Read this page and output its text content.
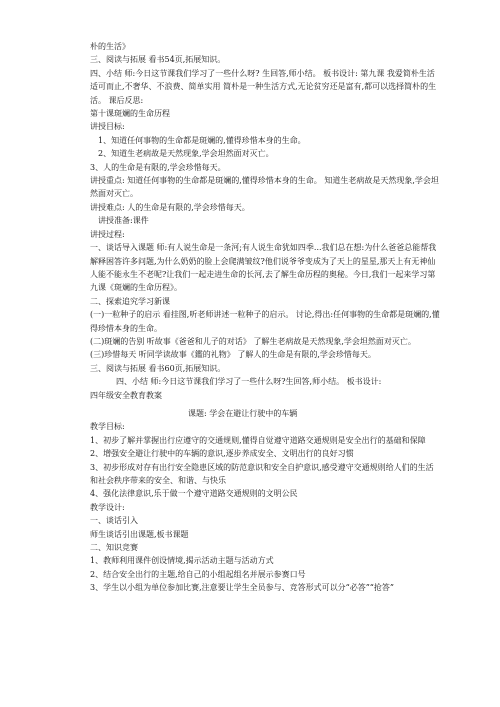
朴的生活》

三、阅读与拓展 看书54页,拓展知识。

四、小结 师:今日这节课我们学习了一些什么呀? 生回答,师小结。 板书设计: 第九课 我爱简朴生活 适可而止,不奢华、不浪费、简单实用 简朴是一种生活方式,无论贫穷还是富有,都可以选择简朴的生活。 课后反思:

第十课斑斓的生命历程

讲授目标:

1、知道任何事物的生命都是斑斓的,懂得珍惜本身的生命。

2、知道生老病故是天然现象,学会坦然面对灭亡。

3、人的生命是有限的,学会珍惜每天。

讲授重点: 知道任何事物的生命都是斑斓的,懂得珍惜本身的生命。 知道生老病故是天然现象,学会坦然面对灭亡。

讲授难点: 人的生命是有限的,学会珍惜每天。

讲授准备:课件

讲授过程:

一、谈话导入课题 师:有人说生命是一条河;有人说生命犹如四季...我们总在想:为什么爸爸总能帮我解释困答许多问题,为什么奶奶的脸上会爬满皱纹?他们说爷爷变成为了天上的星星,那天上有无神仙人能不能永生不老呢?让我们一起走进生命的长河,去了解生命历程的奥秘。今日,我们一起来学习第九课《斑斓的生命历程》。

二、探索追究学习新课

(一)一粒种子的启示 看挂图,听老师讲述一粒种子的启示。 讨论,得出:任何事物的生命都是斑斓的,懂得珍惜本身的生命。

(二)斑斓的告别 听故事《爸爸和儿子的对话》 了解生老病故是天然现象,学会坦然面对灭亡。

(三)珍惜每天 听同学读故事《鑑的礼物》 了解人的生命是有限的,学会珍惜每天。

三、阅读与拓展 看书60页,拓展知识。

四、小结 师:今日这节课我们学习了一些什么呀?生回答,师小结。 板书设计:

四年级安全教育教案

课题: 学会在避让行驶中的车辆

教学目标:

1、初步了解并掌握出行应遵守的交通规则,懂得自觉遵守道路交通规则是安全出行的基础和保障

2、增强安全避让行驶中的车辆的意识,逐步养成安全、文明出行的良好习惯

3、初步形成对存有出行安全隐患区域的防范意识和安全自护意识,感受遵守交通规则给人们的生活和社会秩序带来的安全、和谐、与快乐

4、强化法律意识,乐于做一个遵守道路交通规则的文明公民

教学设计:

一、谈话引入

师生谈话引出课题,板书课题

二、知识竞赛

1、教师利用课件创设情境,揭示活动主题与活动方式

2、结合安全出行的主题,给自己的小组起组名并展示参赛口号

3、学生以小组为单位参加比赛,注意要让学生全员参与、竞答形式可以分“必答”“抢答”
